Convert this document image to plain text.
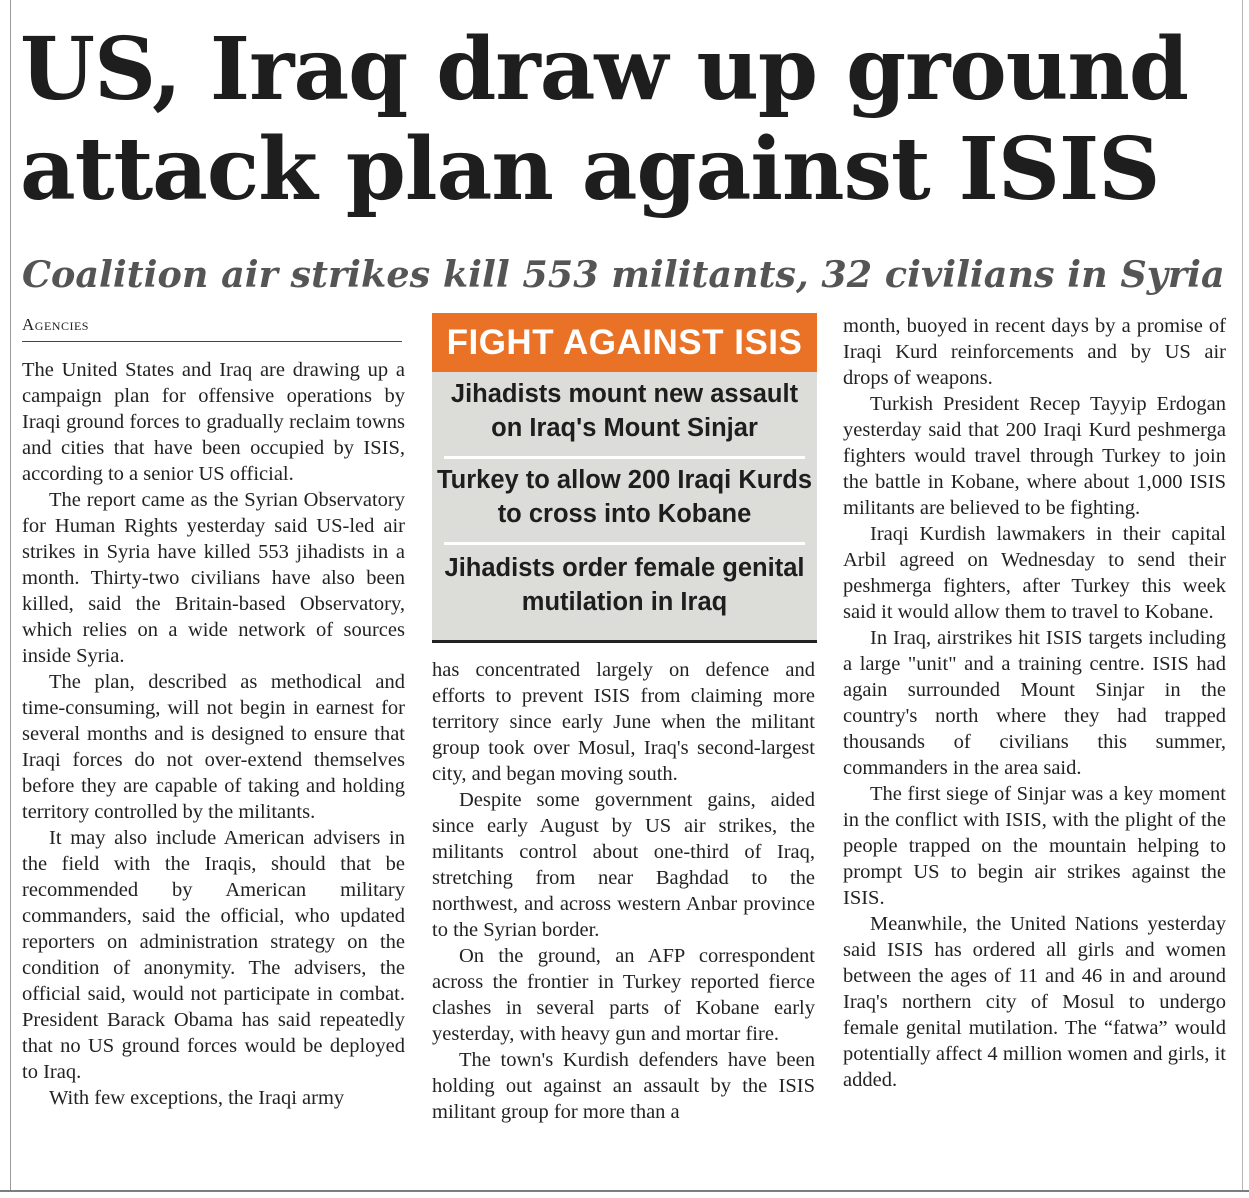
US, Iraq draw up ground attack plan against ISIS
Coalition air strikes kill 553 militants, 32 civilians in Syria
Agencies

The United States and Iraq are drawing up a campaign plan for offensive operations by Iraqi ground forces to gradually reclaim towns and cities that have been occupied by ISIS, according to a senior US official.

The report came as the Syrian Observatory for Human Rights yesterday said US-led air strikes in Syria have killed 553 jihadists in a month. Thirty-two civilians have also been killed, said the Britain-based Observatory, which relies on a wide network of sources inside Syria.

The plan, described as methodical and time-consuming, will not begin in earnest for several months and is designed to ensure that Iraqi forces do not over-extend themselves before they are capable of taking and holding territory controlled by the militants.

It may also include American advisers in the field with the Iraqis, should that be recommended by American military commanders, said the official, who updated reporters on administration strategy on the condition of anonymity. The advisers, the official said, would not participate in combat. President Barack Obama has said repeatedly that no US ground forces would be deployed to Iraq.

With few exceptions, the Iraqi army

FIGHT AGAINST ISIS
Jihadists mount new assault on Iraq's Mount Sinjar
Turkey to allow 200 Iraqi Kurds to cross into Kobane
Jihadists order female genital mutilation in Iraq

has concentrated largely on defence and efforts to prevent ISIS from claiming more territory since early June when the militant group took over Mosul, Iraq's second-largest city, and began moving south.

Despite some government gains, aided since early August by US air strikes, the militants control about one-third of Iraq, stretching from near Baghdad to the northwest, and across western Anbar province to the Syrian border.

On the ground, an AFP correspondent across the frontier in Turkey reported fierce clashes in several parts of Kobane early yesterday, with heavy gun and mortar fire.

The town's Kurdish defenders have been holding out against an assault by the ISIS militant group for more than a

month, buoyed in recent days by a promise of Iraqi Kurd reinforcements and by US air drops of weapons.

Turkish President Recep Tayyip Erdogan yesterday said that 200 Iraqi Kurd peshmerga fighters would travel through Turkey to join the battle in Kobane, where about 1,000 ISIS militants are believed to be fighting.

Iraqi Kurdish lawmakers in their capital Arbil agreed on Wednesday to send their peshmerga fighters, after Turkey this week said it would allow them to travel to Kobane.

In Iraq, airstrikes hit ISIS targets including a large "unit" and a training centre. ISIS had again surrounded Mount Sinjar in the country's north where they had trapped thousands of civilians this summer, commanders in the area said.

The first siege of Sinjar was a key moment in the conflict with ISIS, with the plight of the people trapped on the mountain helping to prompt US to begin air strikes against the ISIS.

Meanwhile, the United Nations yesterday said ISIS has ordered all girls and women between the ages of 11 and 46 in and around Iraq's northern city of Mosul to undergo female genital mutilation. The “fatwa” would potentially affect 4 million women and girls, it added.
